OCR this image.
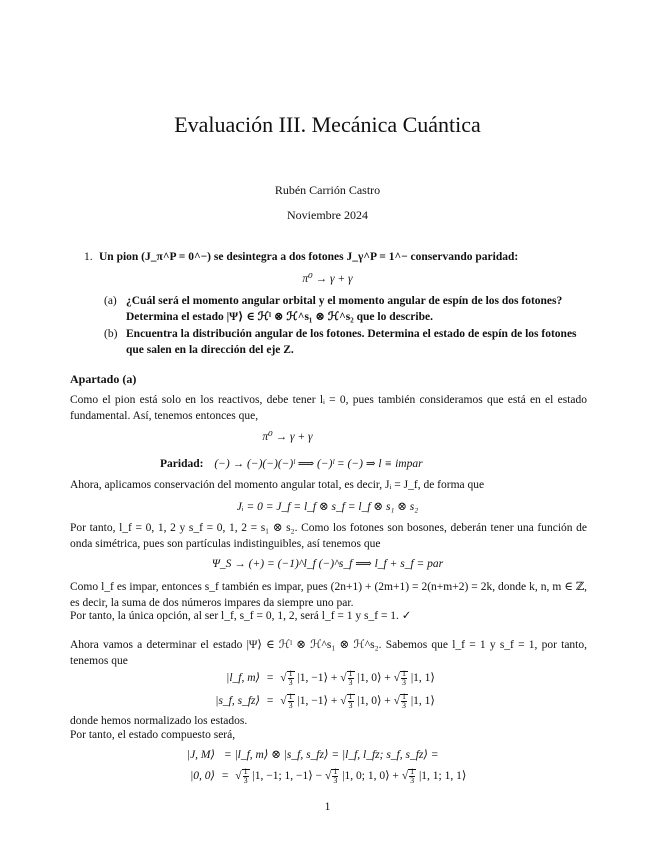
Evaluación III. Mecánica Cuántica
Rubén Carrión Castro
Noviembre 2024
1. Un pion (J_π^P = 0^−) se desintegra a dos fotones J_γ^P = 1^− conservando paridad:
π⁰ → γ + γ
(a) ¿Cuál será el momento angular orbital y el momento angular de espín de los dos fotones? Determina el estado |Ψ⟩ ∈ ℋˡ ⊗ ℋ^s₁ ⊗ ℋ^s₂ que lo describe.
(b) Encuentra la distribución angular de los fotones. Determina el estado de espín de los fotones que salen en la dirección del eje Z.
Apartado (a)
Como el pion está solo en los reactivos, debe tener lᵢ = 0, pues también consideramos que está en el estado fundamental. Así, tenemos entonces que,
π⁰ → γ + γ
Paridad: (−) → (−)(−)(−)ˡ ⟹ (−)ˡ = (−) ⇒ l ≡ impar
Ahora, aplicamos conservación del momento angular total, es decir, Jᵢ = J_f, de forma que
Jᵢ = 0 = J_f = l_f ⊗ s_f = l_f ⊗ s₁ ⊗ s₂
Por tanto, l_f = 0, 1, 2 y s_f = 0, 1, 2 = s₁ ⊗ s₂. Como los fotones son bosones, deberán tener una función de onda simétrica, pues son partículas indistinguibles, así tenemos que
Ψ_S → (+) = (−1)^l_f (−)^s_f ⟹ l_f + s_f = par
Como l_f es impar, entonces s_f también es impar, pues (2n+1) + (2m+1) = 2(n+m+2) = 2k, donde k, n, m ∈ ℤ, es decir, la suma de dos números impares da siempre uno par.
Por tanto, la única opción, al ser l_f, s_f = 0, 1, 2, será l_f = 1 y s_f = 1. ✓
Ahora vamos a determinar el estado |Ψ⟩ ∈ ℋˡ ⊗ ℋ^s₁ ⊗ ℋ^s₂. Sabemos que l_f = 1 y s_f = 1, por tanto, tenemos que
|l_f, m⟩ = √ $\frac{1}{3} |1$, −1⟩ + √ $\frac{1}{3} |1$, 0⟩ + √ $\frac{1}{3} |1$, 1⟩
|s_f, s_fz⟩ = √ $\frac{1}{3} |1$, −1⟩ + √ $\frac{1}{3} |1$, 0⟩ + √ $\frac{1}{3} |1$, 1⟩
donde hemos normalizado los estados.
Por tanto, el estado compuesto será,
|J, M⟩ = |l_f, m⟩ ⊗ |s_f, s_fz⟩ = |l_f, l_fz; s_f, s_fz⟩ =
|0, 0⟩ = √ $\frac{1}{3} |1$, −1; 1, −1⟩ − √ $\frac{1}{3} |1$, 0; 1, 0⟩ + √ $\frac{1}{3} |1$, 1; 1, 1⟩
1
